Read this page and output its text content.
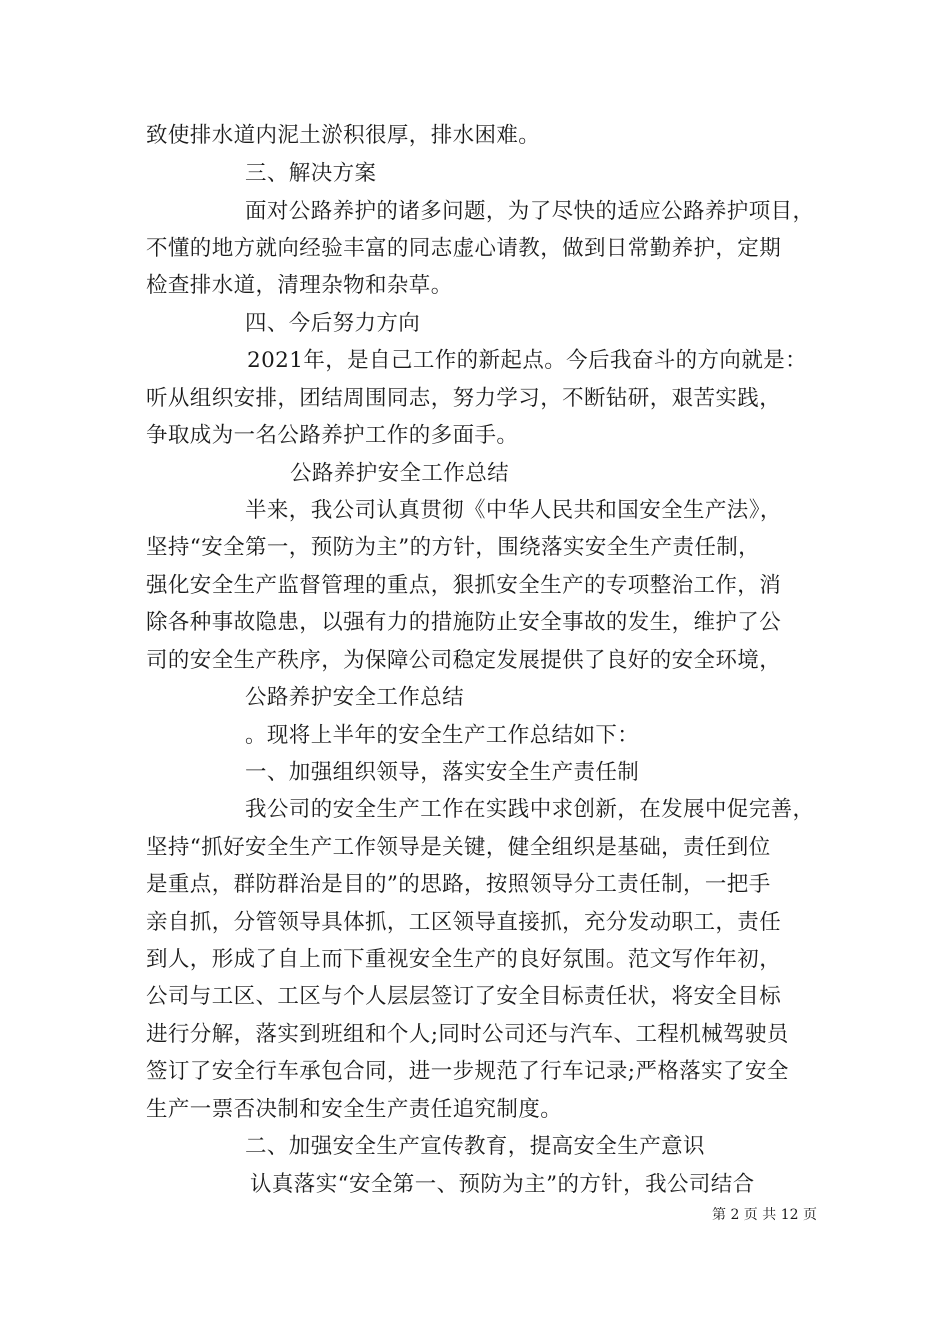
致使排水道内泥土淤积很厚，排水困难。
三、解决方案
面对公路养护的诸多问题，为了尽快的适应公路养护项目，
不懂的地方就向经验丰富的同志虚心请教，做到日常勤养护，定期
检查排水道，清理杂物和杂草。
四、今后努力方向
2021年，是自己工作的新起点。今后我奋斗的方向就是：
听从组织安排，团结周围同志，努力学习，不断钻研，艰苦实践，
争取成为一名公路养护工作的多面手。
公路养护安全工作总结
半来，我公司认真贯彻《中华人民共和国安全生产法》，
坚持“安全第一，预防为主”的方针，围绕落实安全生产责任制，
强化安全生产监督管理的重点，狠抓安全生产的专项整治工作，消
除各种事故隐患，以强有力的措施防止安全事故的发生，维护了公
司的安全生产秩序，为保障公司稳定发展提供了良好的安全环境，
公路养护安全工作总结
。现将上半年的安全生产工作总结如下：
一、加强组织领导，落实安全生产责任制
我公司的安全生产工作在实践中求创新，在发展中促完善，
坚持“抓好安全生产工作领导是关键，健全组织是基础，责任到位
是重点，群防群治是目的”的思路，按照领导分工责任制，一把手
亲自抓，分管领导具体抓，工区领导直接抓，充分发动职工，责任
到人，形成了自上而下重视安全生产的良好氛围。范文写作年初，
公司与工区、工区与个人层层签订了安全目标责任状，将安全目标
进行分解，落实到班组和个人;同时公司还与汽车、工程机械驾驶员
签订了安全行车承包合同，进一步规范了行车记录;严格落实了安全
生产一票否决制和安全生产责任追究制度。
二、加强安全生产宣传教育，提高安全生产意识
认真落实“安全第一、预防为主”的方针，我公司结合
第 2 页 共 12 页
